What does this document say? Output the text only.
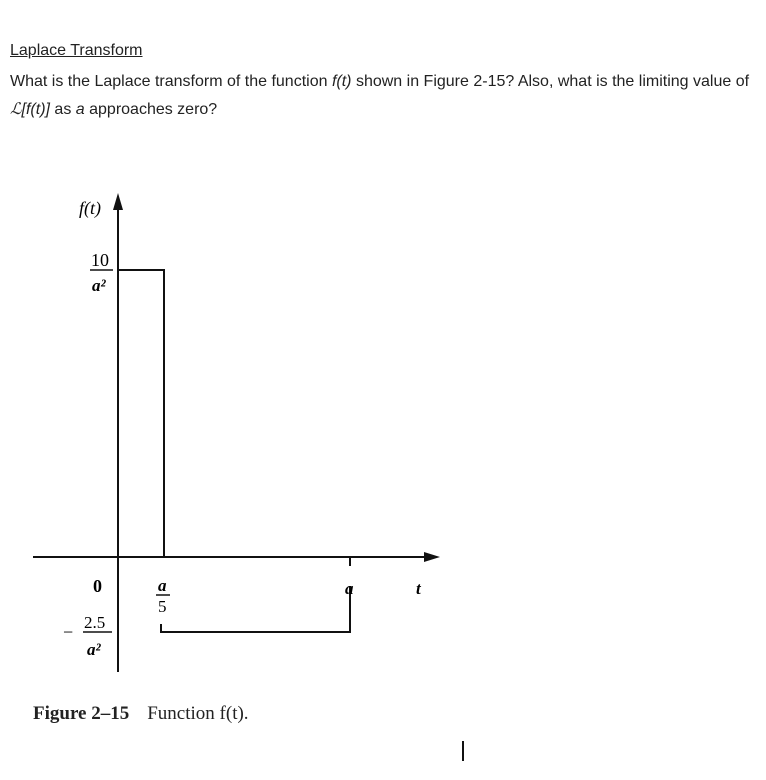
Laplace Transform
What is the Laplace transform of the function f(t) shown in Figure 2-15? Also, what is the limiting value of ℒ[f(t)] as a approaches zero?
f(t)
10
a²
0
− 2.5
a²
a
5
a	t
Figure 2–15 Function f(t).
